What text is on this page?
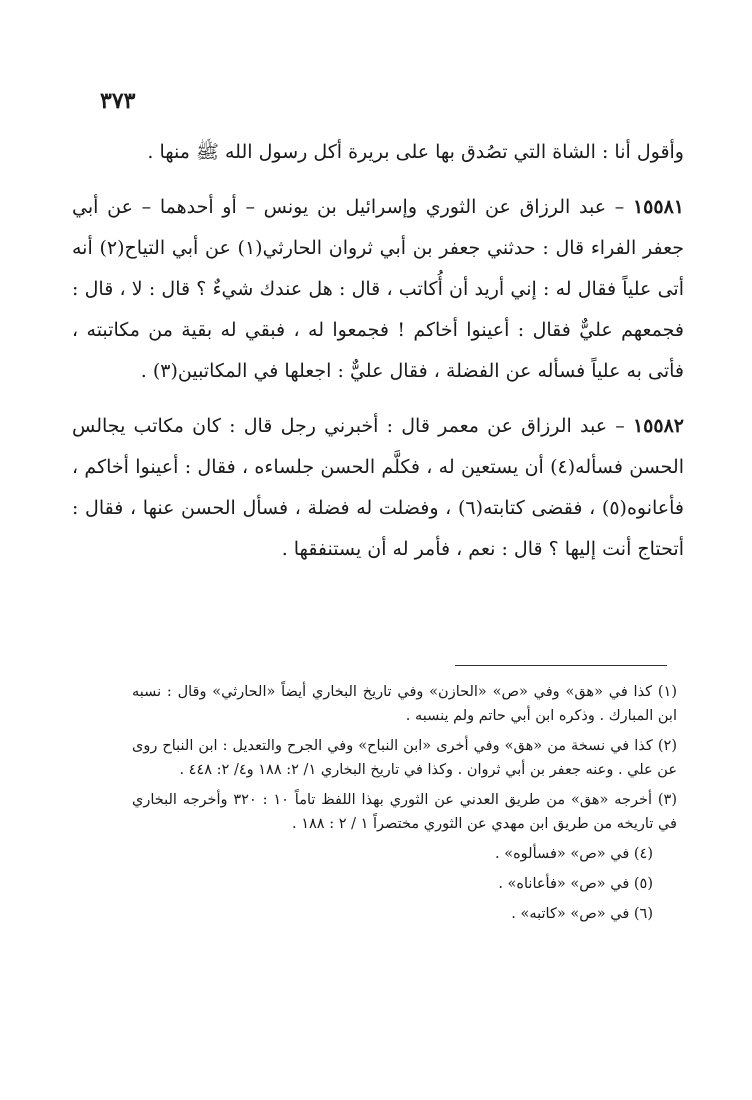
٣٧٣

وأقول أنا : الشاة التي تصُدق بها على بريرة أكل رسول الله ﷺ منها .

١٥٥٨١ – عبد الرزاق عن الثوري وإسرائيل بن يونس – أو أحدهما – عن أبي جعفر الفراء قال : حدثني جعفر بن أبي ثروان الحارثي(١) عن أبي التياح(٢) أنه أتى علياً فقال له : إني أريد أن أُكاتب ، قال : هل عندك شيءٌ ؟ قال : لا ، قال : فجمعهم عليٌّ فقال : أعينوا أخاكم ! فجمعوا له ، فبقي له بقية من مكاتبته ، فأتى به علياً فسأله عن الفضلة ، فقال عليٌّ : اجعلها في المكاتبين(٣) .

١٥٥٨٢ – عبد الرزاق عن معمر قال : أخبرني رجل قال : كان مكاتب يجالس الحسن فسأله(٤) أن يستعين له ، فكلَّم الحسن جلساءه ، فقال : أعينوا أخاكم ، فأعانوه(٥) ، فقضى كتابته(٦) ، وفضلت له فضلة ، فسأل الحسن عنها ، فقال : أتحتاج أنت إليها ؟ قال : نعم ، فأمر له أن يستنفقها .

(١) كذا في «هق» وفي «ص» «الحازن» وفي تاريخ البخاري أيضاً «الحارثي» وقال : نسبه ابن المبارك . وذكره ابن أبي حاتم ولم ينسبه .

(٢) كذا في نسخة من «هق» وفي أخرى «ابن النباح» وفي الجرح والتعديل : ابن النباح روى عن علي . وعنه جعفر بن أبي ثروان . وكذا في تاريخ البخاري ١/ ٢: ١٨٨ و٤/ ٢: ٤٤٨ .

(٣) أخرجه «هق» من طريق العدني عن الثوري بهذا اللفظ تاماً ١٠ : ٣٢٠ وأخرجه البخاري في تاريخه من طريق ابن مهدي عن الثوري مختصراً ١ / ٢ : ١٨٨ .

(٤) في «ص» «فسألوه» .

(٥) في «ص» «فأعاناه» .

(٦) في «ص» «كاتبه» .
